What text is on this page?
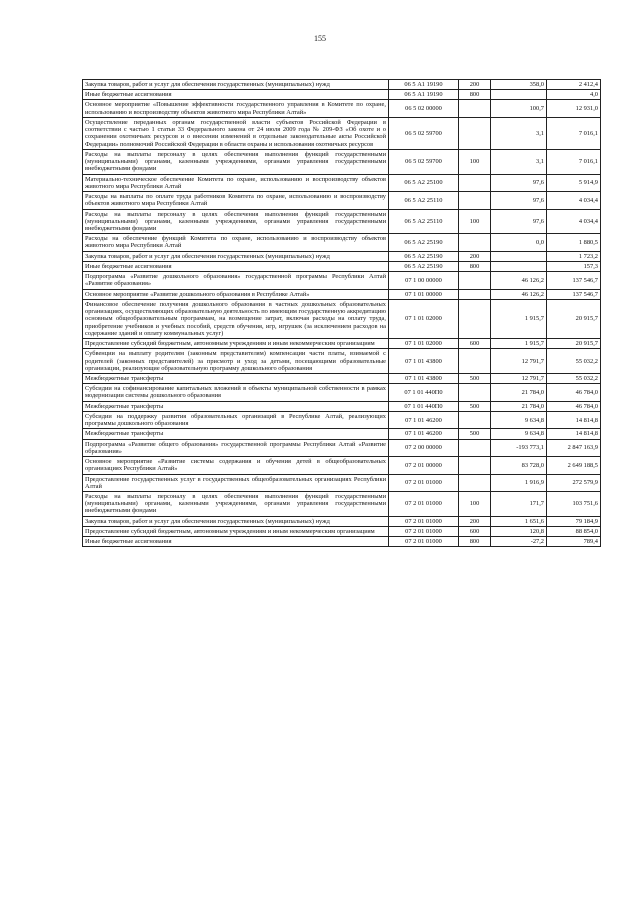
155
Закупка товаров, работ и услуг для обеспечения государственных (муниципальных) нужд	06 5 А1 19190	200	358,0	2 412,4
Иные бюджетные ассигнования	06 5 А1 19190	800		4,0
Основное мероприятие «Повышение эффективности государственного управления в Комитете по охране, использованию и воспроизводству объектов животного мира Республики Алтай»	06 5 02 00000		100,7	12 931,0
Осуществление переданных органам государственной власти субъектов Российской Федерации в соответствии с частью 1 статьи 33 Федерального закона от 24 июля 2009 года № 209-ФЗ «Об охоте и о сохранении охотничьих ресурсов и о внесении изменений в отдельные законодательные акты Российской Федерации» полномочий Российской Федерации в области охраны и использования охотничьих ресурсов	06 5 02 59700		3,1	7 016,1
Расходы на выплаты персоналу в целях обеспечения выполнения функций государственными (муниципальными) органами, казенными учреждениями, органами управления государственными внебюджетными фондами	06 5 02 59700	100	3,1	7 016,1
Материально-техническое обеспечение Комитета по охране, использованию и воспроизводству объектов животного мира Республики Алтай	06 5 А2 25100		97,6	5 914,9
Расходы на выплаты по оплате труда работников Комитета по охране, использованию и воспроизводству объектов животного мира Республики Алтай	06 5 А2 25110		97,6	4 034,4
Расходы на выплаты персоналу в целях обеспечения выполнения функций государственными (муниципальными) органами, казенными учреждениями, органами управления государственными внебюджетными фондами	06 5 А2 25110	100	97,6	4 034,4
Расходы на обеспечение функций Комитета по охране, использованию и воспроизводству объектов животного мира Республики Алтай	06 5 А2 25190		0,0	1 880,5
Закупка товаров, работ и услуг для обеспечения государственных (муниципальных) нужд	06 5 А2 25190	200		1 723,2
Иные бюджетные ассигнования	06 5 А2 25190	800		157,3
Подпрограмма «Развитие дошкольного образования» государственной программы Республики Алтай «Развитие образования»	07 1 00 00000		46 126,2	137 546,7
Основное мероприятие «Развитие дошкольного образования в Республике Алтай»	07 1 01 00000		46 126,2	137 546,7
Финансовое обеспечение получения дошкольного образования в частных дошкольных образовательных организациях, осуществляющих образовательную деятельность по имеющим государственную аккредитацию основным общеобразовательным программам, на возмещение затрат, включая расходы на оплату труда, приобретение учебников и учебных пособий, средств обучения, игр, игрушек (за исключением расходов на содержание зданий и оплату коммунальных услуг)	07 1 01 02000		1 915,7	20 915,7
Предоставление субсидий бюджетным, автономным учреждениям и иным некоммерческим организациям	07 1 01 02000	600	1 915,7	20 915,7
Субвенции на выплату родителям (законным представителям) компенсации части платы, взимаемой с родителей (законных представителей) за присмотр и уход за детьми, посещающими образовательные организации, реализующие образовательную программу дошкольного образования	07 1 01 43800		12 791,7	55 032,2
Межбюджетные трансферты	07 1 01 43800	500	12 791,7	55 032,2
Субсидии на софинансирование капитальных вложений в объекты муниципальной собственности в рамках модернизации системы дошкольного образования	07 1 01 440П0		21 784,0	46 784,0
Межбюджетные трансферты	07 1 01 440П0	500	21 784,0	46 784,0
Субсидии на поддержку развития образовательных организаций в Республике Алтай, реализующих программы дошкольного образования	07 1 01 46200		9 634,8	14 814,8
Межбюджетные трансферты	07 1 01 46200	500	9 634,8	14 814,8
Подпрограмма «Развитие общего образования» государственной программы Республики Алтай «Развитие образования»	07 2 00 00000		-193 773,1	2 847 163,9
Основное мероприятие «Развитие системы содержания и обучения детей в общеобразовательных организациях Республики Алтай»	07 2 01 00000		83 728,0	2 649 188,5
Предоставление государственных услуг в государственных общеобразовательных организациях Республики Алтай	07 2 01 01000		1 916,9	272 579,9
Расходы на выплаты персоналу в целях обеспечения выполнения функций государственными (муниципальными) органами, казенными учреждениями, органами управления государственными внебюджетными фондами	07 2 01 01000	100	171,7	103 751,6
Закупка товаров, работ и услуг для обеспечения государственных (муниципальных) нужд	07 2 01 01000	200	1 651,6	79 184,9
Предоставление субсидий бюджетным, автономным учреждениям и иным некоммерческим организациям	07 2 01 01000	600	120,8	88 854,0
Иные бюджетные ассигнования	07 2 01 01000	800	-27,2	789,4
